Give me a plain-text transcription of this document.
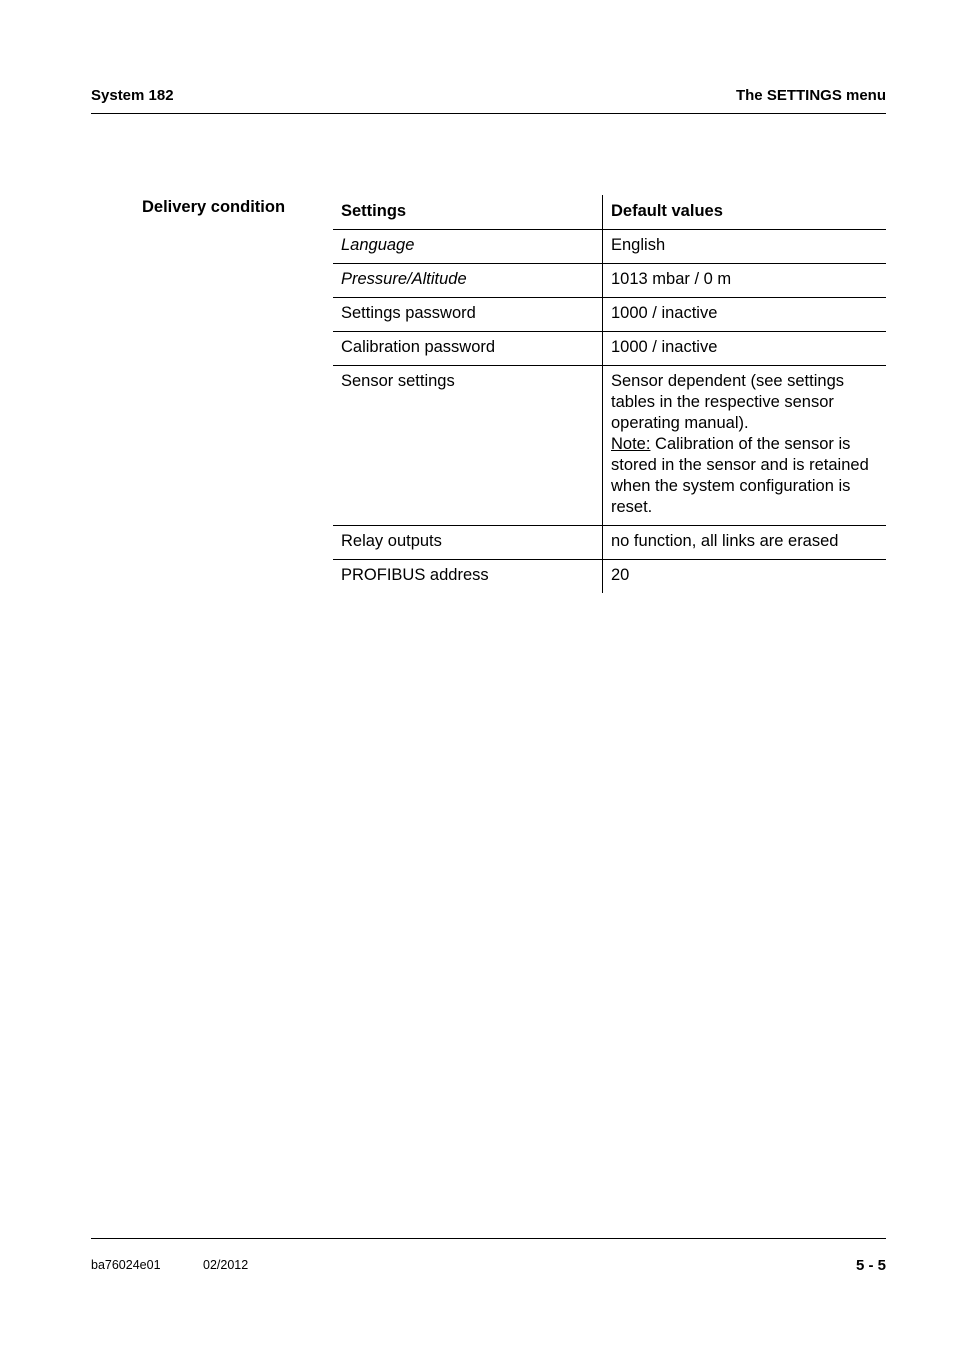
System 182	The SETTINGS menu
Delivery condition	Settings	Default values
Language	English
Pressure/Altitude	1013 mbar / 0 m
Settings password	1000 / inactive
Calibration password	1000 / inactive
Sensor settings	Sensor dependent (see settings tables in the respective sensor operating manual).
Note: Calibration of the sensor is stored in the sensor and is retained when the system configuration is reset.
Relay outputs	no function, all links are erased
PROFIBUS address	20
ba76024e01	02/2012	5 - 5
